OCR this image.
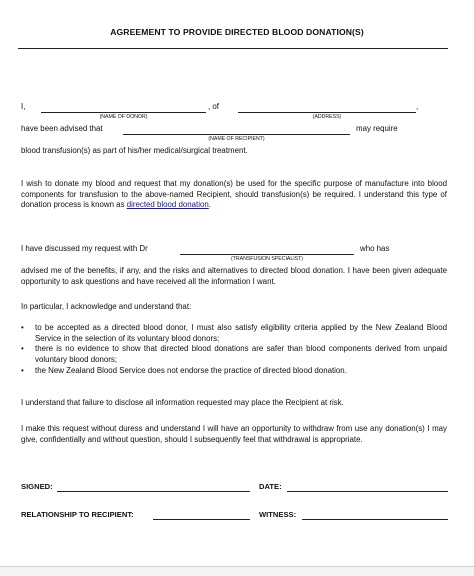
AGREEMENT TO PROVIDE DIRECTED BLOOD DONATION(S)
I,	, of	,
(NAME OF DONOR)	(ADDRESS)
have been advised that	may require
(NAME OF RECIPIENT)
blood transfusion(s) as part of his/her medical/surgical treatment.
I wish to donate my blood and request that my donation(s) be used for the specific purpose of manufacture into blood components for transfusion to the above-named Recipient, should transfusion(s) be required. I understand this type of donation process is known as directed blood donation.
I have discussed my request with Dr	who has
(TRANSFUSION SPECIALIST)
advised me of the benefits, if any, and the risks and alternatives to directed blood donation. I have been given adequate opportunity to ask questions and have received all the information I want.
In particular, I acknowledge and understand that:
• to be accepted as a directed blood donor, I must also satisfy eligibility criteria applied by the New Zealand Blood Service in the selection of its voluntary blood donors;
• there is no evidence to show that directed blood donations are safer than blood components derived from unpaid voluntary blood donors;
• the New Zealand Blood Service does not endorse the practice of directed blood donation.
I understand that failure to disclose all information requested may place the Recipient at risk.
I make this request without duress and understand I will have an opportunity to withdraw from use any donation(s) I may give, confidentially and without question, should I subsequently feel that withdrawal is appropriate.
SIGNED:	DATE:
RELATIONSHIP TO RECIPIENT:	WITNESS:
